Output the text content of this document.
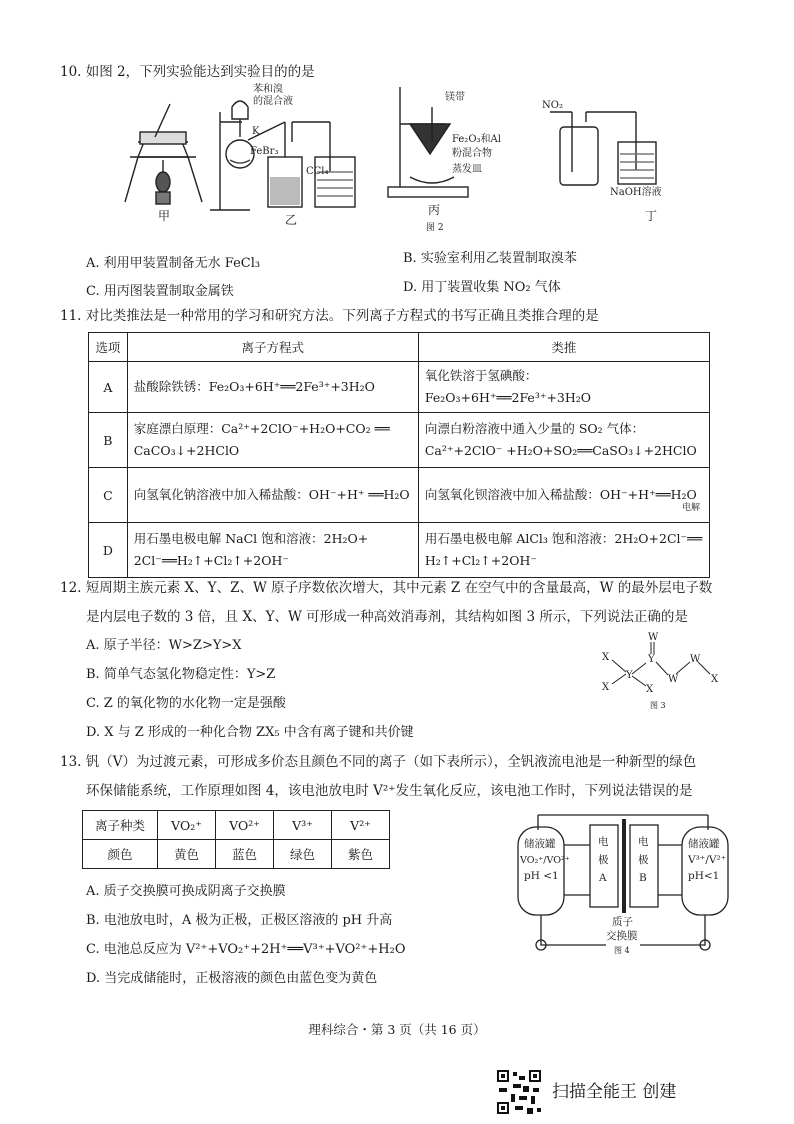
10. 如图 2，下列实验能达到实验目的的是
甲	乙
丙
图 2
丁
苯和溴
的混合液
K
FeBr₃
CCl₄
镁带
Fe₂O₃和Al
粉混合物
蒸发皿
NO₂
NaOH溶液
A. 利用甲装置制备无水 FeCl₃	B. 实验室利用乙装置制取溴苯
C. 用丙图装置制取金属铁	D. 用丁装置收集 NO₂ 气体
11. 对比类推法是一种常用的学习和研究方法。下列离子方程式的书写正确且类推合理的是
选项	离子方程式	类推
A	盐酸除铁锈：Fe₂O₃+6H⁺══2Fe³⁺+3H₂O	氧化铁溶于氢碘酸：Fe₂O₃+6H⁺══2Fe³⁺+3H₂O
B	家庭漂白原理：Ca²⁺+2ClO⁻+H₂O+CO₂ ══ CaCO₃↓+2HClO	向漂白粉溶液中通入少量的 SO₂ 气体：Ca²⁺+2ClO⁻ +H₂O+SO₂══CaSO₃↓+2HClO
C	向氢氧化钠溶液中加入稀盐酸：OH⁻+H⁺ ══H₂O	向氢氧化钡溶液中加入稀盐酸：OH⁻+H⁺══H₂O
D	用石墨电极电解 NaCl 饱和溶液：2H₂O+ 2Cl⁻══H₂↑+Cl₂↑+2OH⁻	用石墨电极电解 AlCl₃ 饱和溶液：2H₂O+2Cl⁻══ H₂↑+Cl₂↑+2OH⁻
电解
12. 短周期主族元素 X、Y、Z、W 原子序数依次增大，其中元素 Z 在空气中的含量最高，W 的最外层电子数
是内层电子数的 3 倍，且 X、Y、W 可形成一种高效消毒剂，其结构如图 3 所示，下列说法正确的是
A. 原子半径：W>Z>Y>X
B. 简单气态氢化物稳定性：Y>Z
C. Z 的氧化物的水化物一定是强酸
D. X 与 Z 形成的一种化合物 ZX₅ 中含有离子键和共价键
W
X
X
Y
Y
X
W
W
X
图 3
13. 钒（V）为过渡元素，可形成多价态且颜色不同的离子（如下表所示），全钒液流电池是一种新型的绿色
环保储能系统，工作原理如图 4，该电池放电时 V²⁺发生氧化反应，该电池工作时，下列说法错误的是
离子种类	VO₂⁺	VO²⁺	V³⁺	V²⁺
颜色	黄色	蓝色	绿色	紫色
A. 质子交换膜可换成阴离子交换膜
B. 电池放电时，A 极为正极，正极区溶液的 pH 升高
C. 电池总反应为 V²⁺+VO₂⁺+2H⁺══V³⁺+VO²⁺+H₂O
D. 当完成储能时，正极溶液的颜色由蓝色变为黄色
储液罐
VO₂⁺/VO²⁺
pH <1
储液罐
V³⁺/V²⁺
pH<1
电
极
A
电
极
B
质子
交换膜
图 4
理科综合・第 3 页（共 16 页）
扫描全能王 创建
